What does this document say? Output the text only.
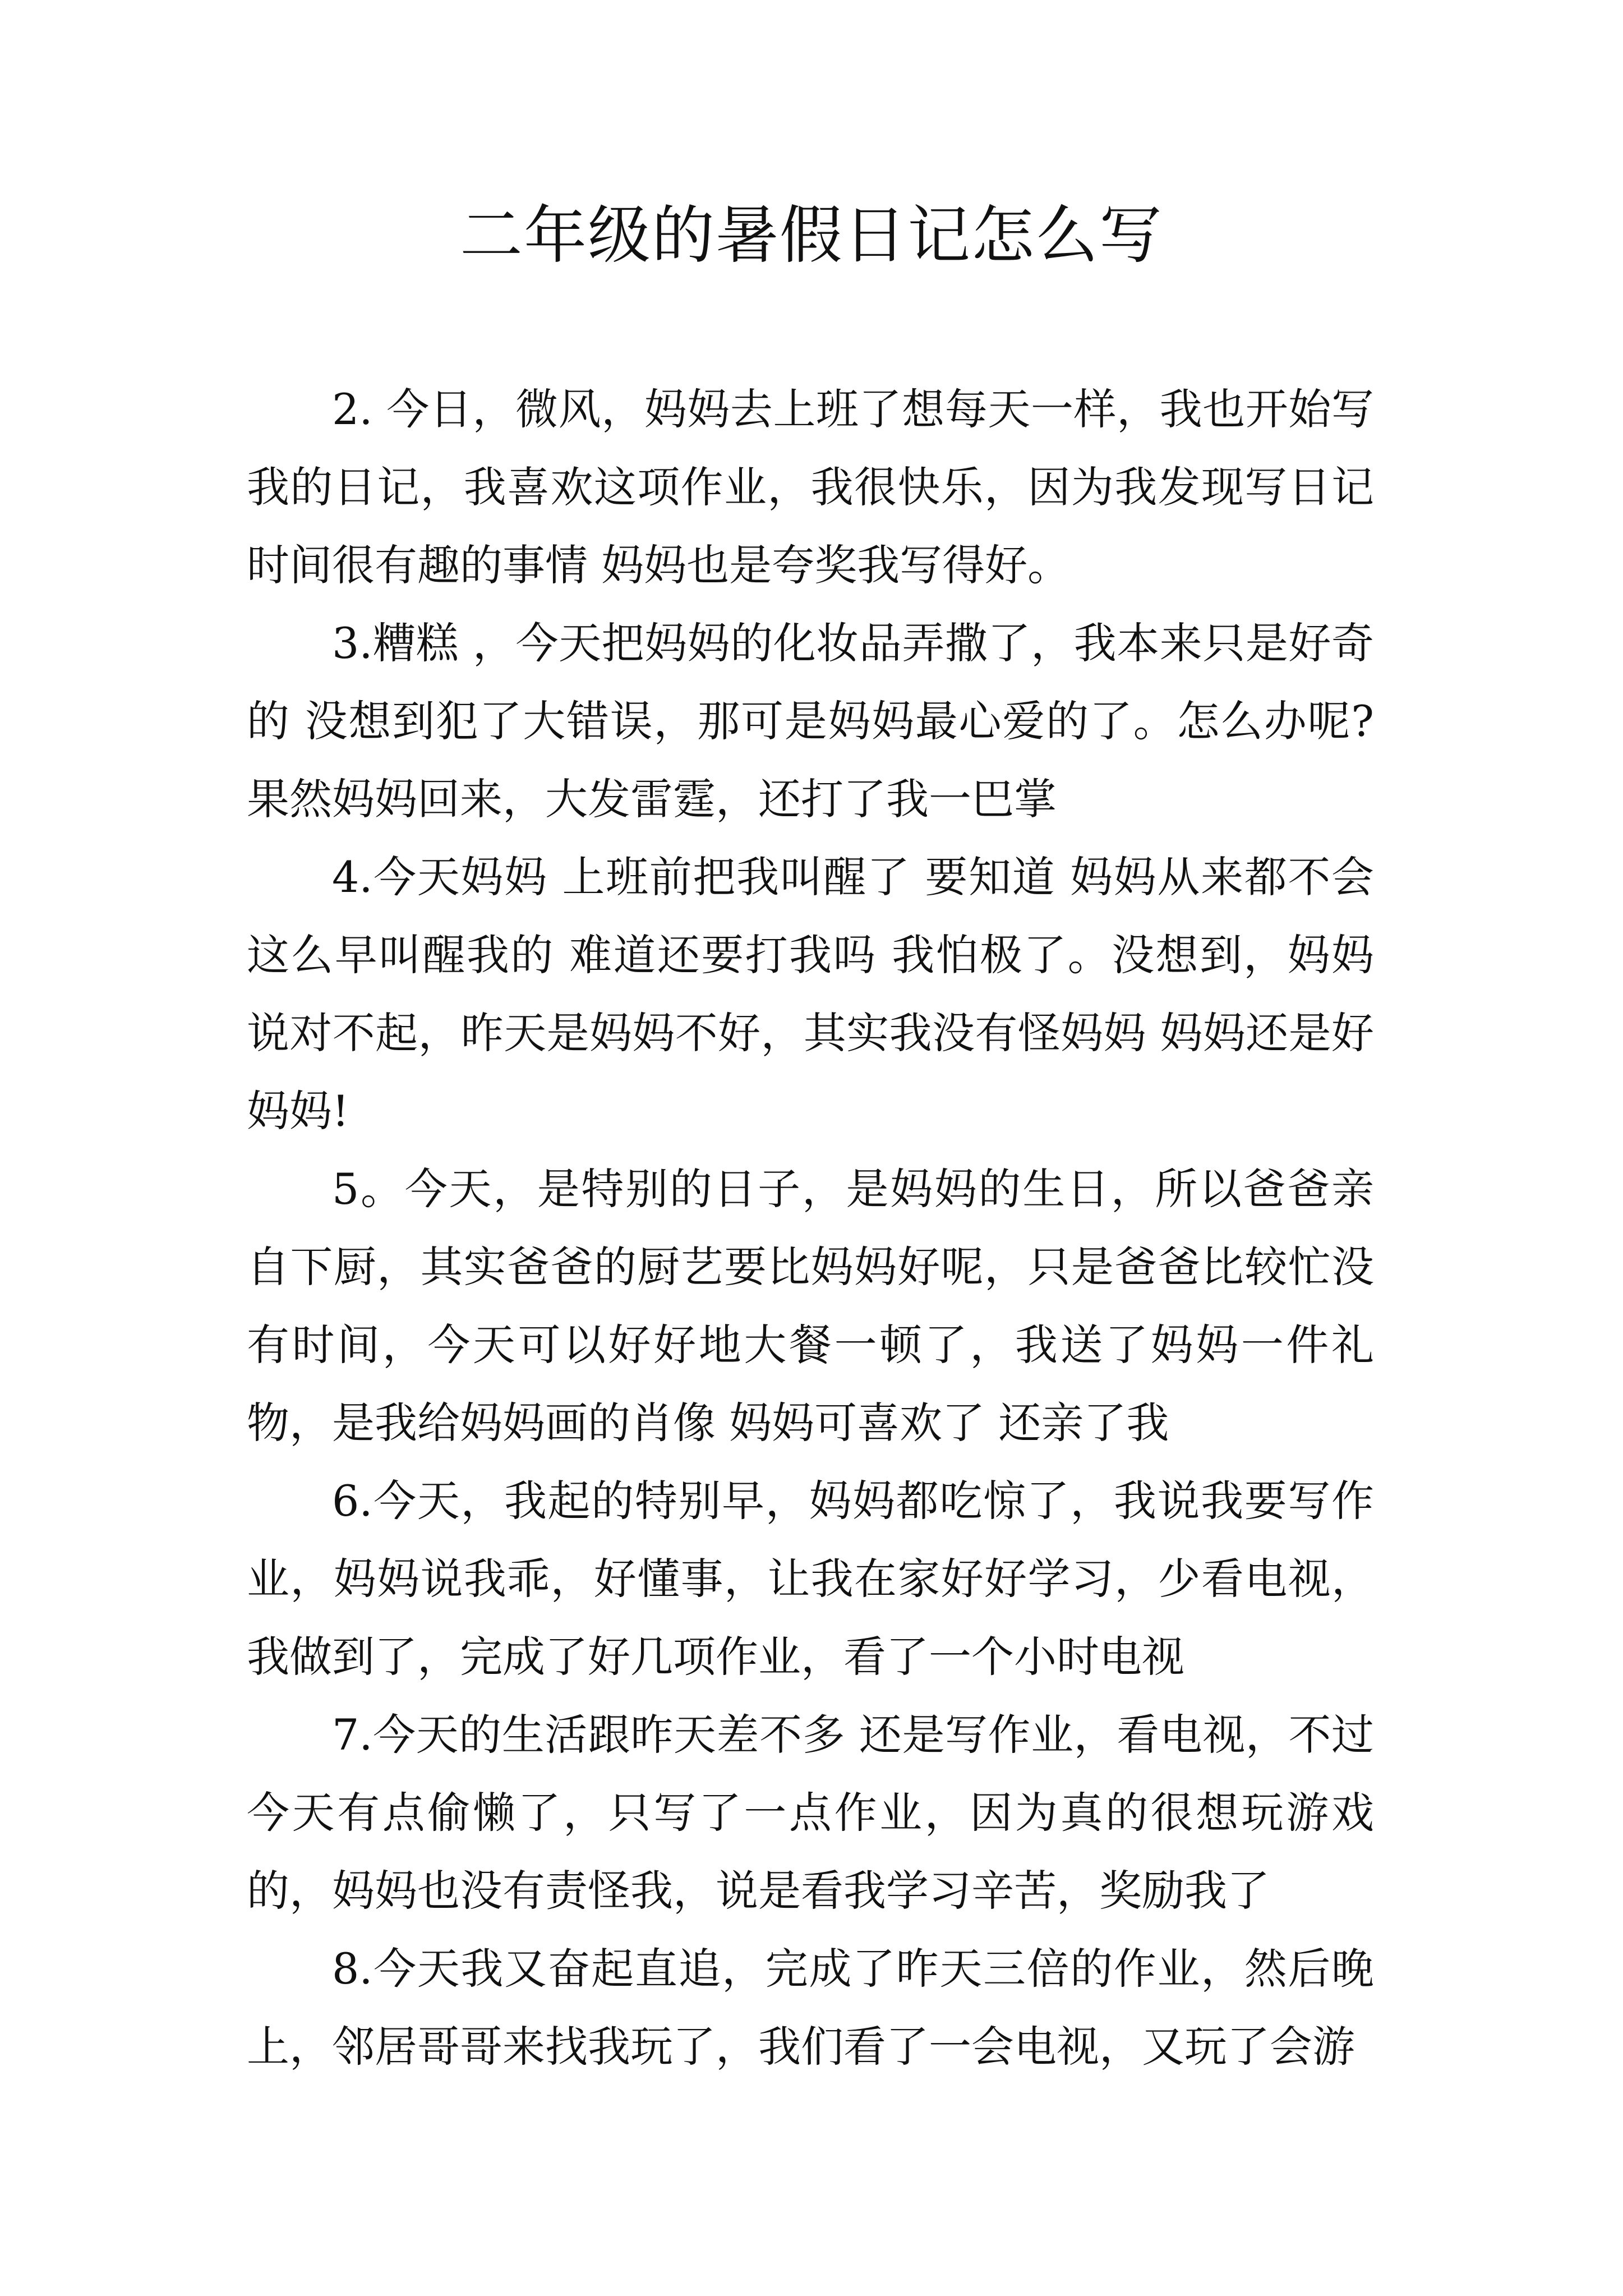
二年级的暑假日记怎么写

2. 今日，微风，妈妈去上班了想每天一样，我也开始写我的日记，我喜欢这项作业，我很快乐，因为我发现写日记时间很有趣的事情 妈妈也是夸奖我写得好。

3.糟糕 ，今天把妈妈的化妆品弄撒了，我本来只是好奇的 没想到犯了大错误，那可是妈妈最心爱的了。怎么办呢?果然妈妈回来，大发雷霆，还打了我一巴掌

4.今天妈妈 上班前把我叫醒了 要知道 妈妈从来都不会这么早叫醒我的 难道还要打我吗 我怕极了。没想到，妈妈说对不起，昨天是妈妈不好，其实我没有怪妈妈 妈妈还是好妈妈!

5。今天，是特别的日子，是妈妈的生日，所以爸爸亲自下厨，其实爸爸的厨艺要比妈妈好呢，只是爸爸比较忙没有时间，今天可以好好地大餐一顿了，我送了妈妈一件礼物，是我给妈妈画的肖像 妈妈可喜欢了 还亲了我

6.今天，我起的特别早，妈妈都吃惊了，我说我要写作业，妈妈说我乖，好懂事，让我在家好好学习，少看电视，我做到了，完成了好几项作业，看了一个小时电视

7.今天的生活跟昨天差不多 还是写作业，看电视，不过今天有点偷懒了，只写了一点作业，因为真的很想玩游戏的，妈妈也没有责怪我，说是看我学习辛苦，奖励我了

8.今天我又奋起直追，完成了昨天三倍的作业，然后晚上，邻居哥哥来找我玩了，我们看了一会电视，又玩了会游
